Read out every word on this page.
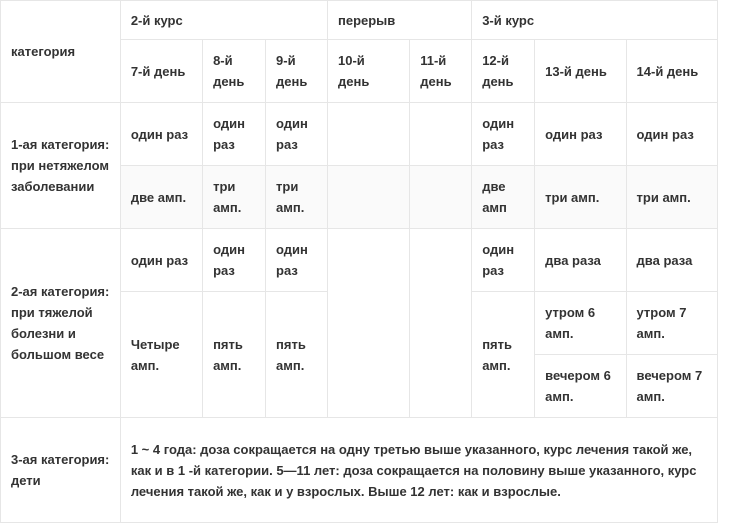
категория	2-й курс			перерыв		3-й курс		
	7-й день	8-й день	9-й день	10-й день	11-й день	12-й день	13-й день	14-й день
1-ая категория: при нетяжелом заболевании	один раз	один раз	один раз			один раз	один раз	один раз
	две амп.	три амп.	три амп.			две амп	три амп.	три амп.
2-ая категория: при тяжелой болезни и большом весе	один раз	один раз	один раз			один раз	два раза	два раза
	Четыре амп.	пять амп.	пять амп.			пять амп.	утром 6 амп.	утром 7 амп.
							вечером 6 амп.	вечером 7 амп.
3-ая категория: дети	1 ~ 4 года: доза сокращается на одну третью выше указанного, курс лечения такой же, как и в 1 -й категории. 5—11 лет: доза сокращается на половину выше указанного, курс лечения такой же, как и у взрослых. Выше 12 лет: как и взрослые.							
